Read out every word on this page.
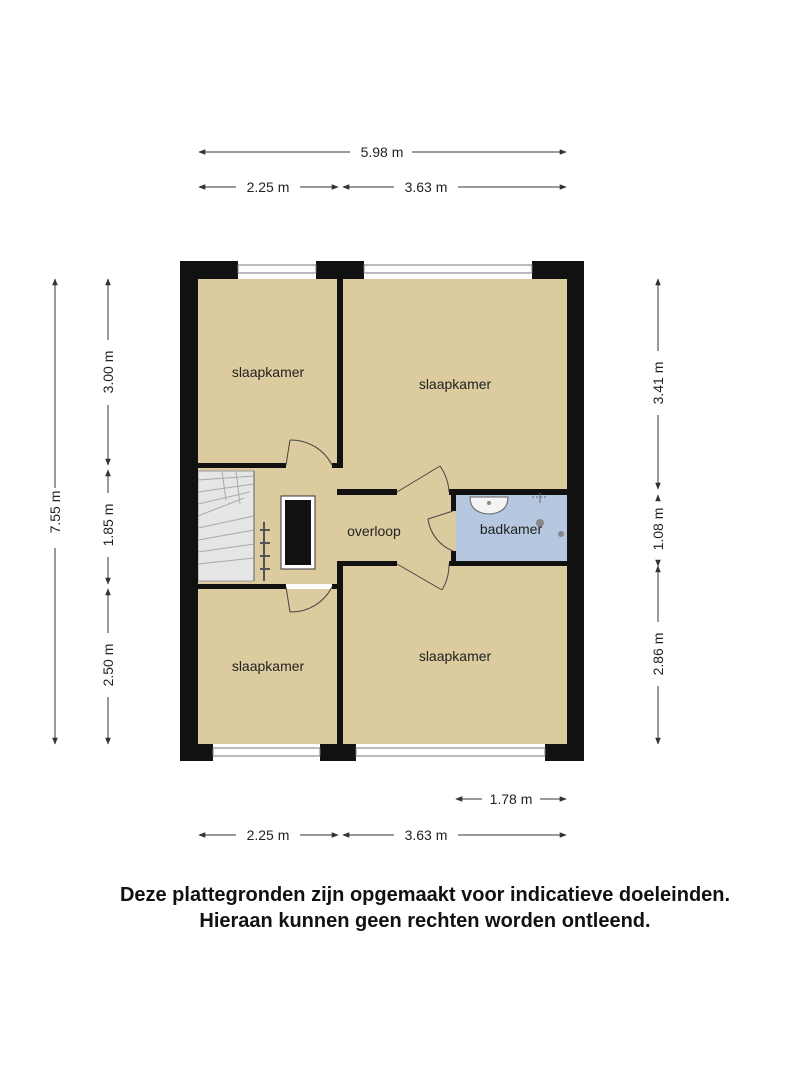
slaapkamer
slaapkamer
overloop	badkamer
slaapkamer
slaapkamer
5.98 m
2.25 m	3.63 m
1.78 m
2.25 m	3.63 m
7.55 m
3.00 m
1.85 m
2.50 m
3.41 m
1.08 m
2.86 m
Deze plattegronden zijn opgemaakt voor indicatieve doeleinden.
Hieraan kunnen geen rechten worden ontleend.
